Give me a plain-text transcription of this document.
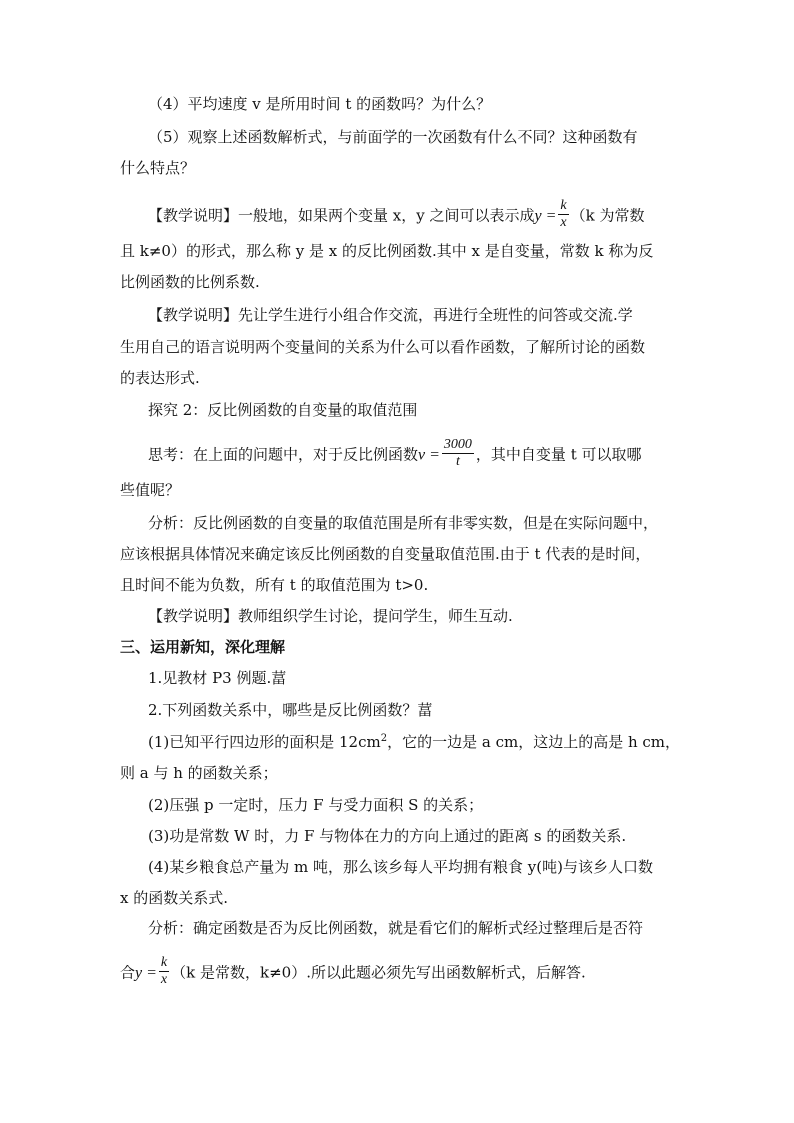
（4）平均速度 v 是所用时间 t 的函数吗？为什么？
（5）观察上述函数解析式，与前面学的一次函数有什么不同？这种函数有
什么特点？
【教学说明】一般地，如果两个变量 x，y 之间可以表示成$y = \frac{k}{x} (k$ 为常数
且 k≠0）的形式，那么称 y 是 x 的反比例函数.其中 x 是自变量，常数 k 称为反
比例函数的比例系数.
【教学说明】先让学生进行小组合作交流，再进行全班性的问答或交流.学
生用自己的语言说明两个变量间的关系为什么可以看作函数，了解所讨论的函数
的表达形式.
探究 2：反比例函数的自变量的取值范围
思考：在上面的问题中，对于反比例函数$v = \frac{3000}{t}$ ，其中自变量 t 可以取哪
些值呢？
分析：反比例函数的自变量的取值范围是所有非零实数，但是在实际问题中，
应该根据具体情况来确定该反比例函数的自变量取值范围.由于 t 代表的是时间，
且时间不能为负数，所有 t 的取值范围为 t>0.
【教学说明】教师组织学生讨论，提问学生，师生互动.
三、运用新知，深化理解
1.见教材 P3 例题.葍
2.下列函数关系中，哪些是反比例函数？葍
(1)已知平行四边形的面积是 $12cm^2$，它的一边是 a cm，这边上的高是 h cm，
则 a 与 h 的函数关系；
(2)压强 p 一定时，压力 F 与受力面积 S 的关系；
(3)功是常数 W 时，力 F 与物体在力的方向上通过的距离 s 的函数关系.
(4)某乡粮食总产量为 m 吨，那么该乡每人平均拥有粮食 y(吨)与该乡人口数
x 的函数关系式.
分析：确定函数是否为反比例函数，就是看它们的解析式经过整理后是否符
合$y = \frac{k}{x} (k$ 是常数，k≠0）.所以此题必须先写出函数解析式，后解答.
